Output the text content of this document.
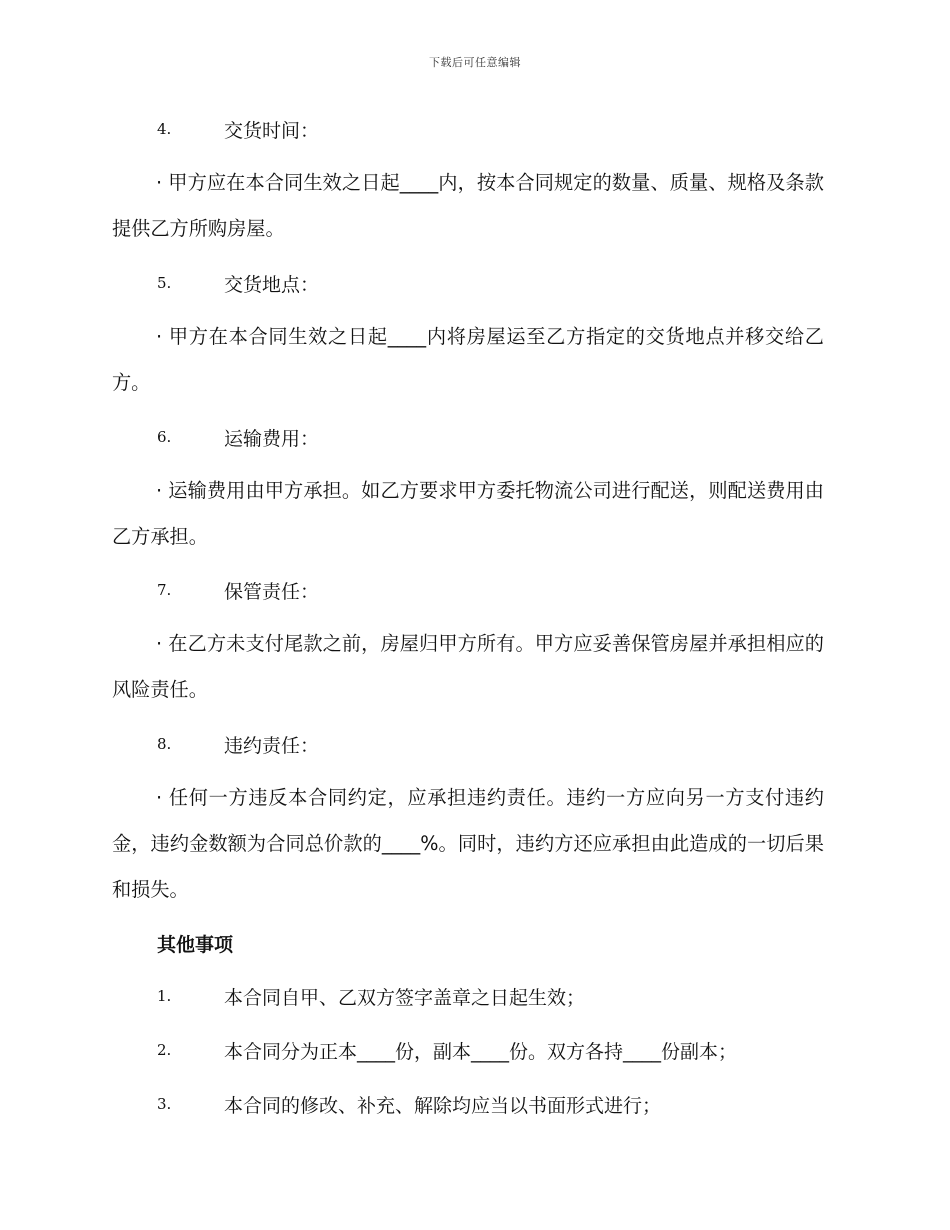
下载后可任意编辑
4.	交货时间：

· 甲方应在本合同生效之日起____内，按本合同规定的数量、质量、规格及条款提供乙方所购房屋。

5.	交货地点：

· 甲方在本合同生效之日起____内将房屋运至乙方指定的交货地点并移交给乙方。

6.	运输费用：

· 运输费用由甲方承担。如乙方要求甲方委托物流公司进行配送，则配送费用由乙方承担。

7.	保管责任：

· 在乙方未支付尾款之前，房屋归甲方所有。甲方应妥善保管房屋并承担相应的风险责任。

8.	违约责任：

· 任何一方违反本合同约定，应承担违约责任。违约一方应向另一方支付违约金，违约金数额为合同总价款的____%。同时，违约方还应承担由此造成的一切后果和损失。

其他事项
1.	本合同自甲、乙双方签字盖章之日起生效；
2.	本合同分为正本____份，副本____份。双方各持____份副本；
3.	本合同的修改、补充、解除均应当以书面形式进行；
